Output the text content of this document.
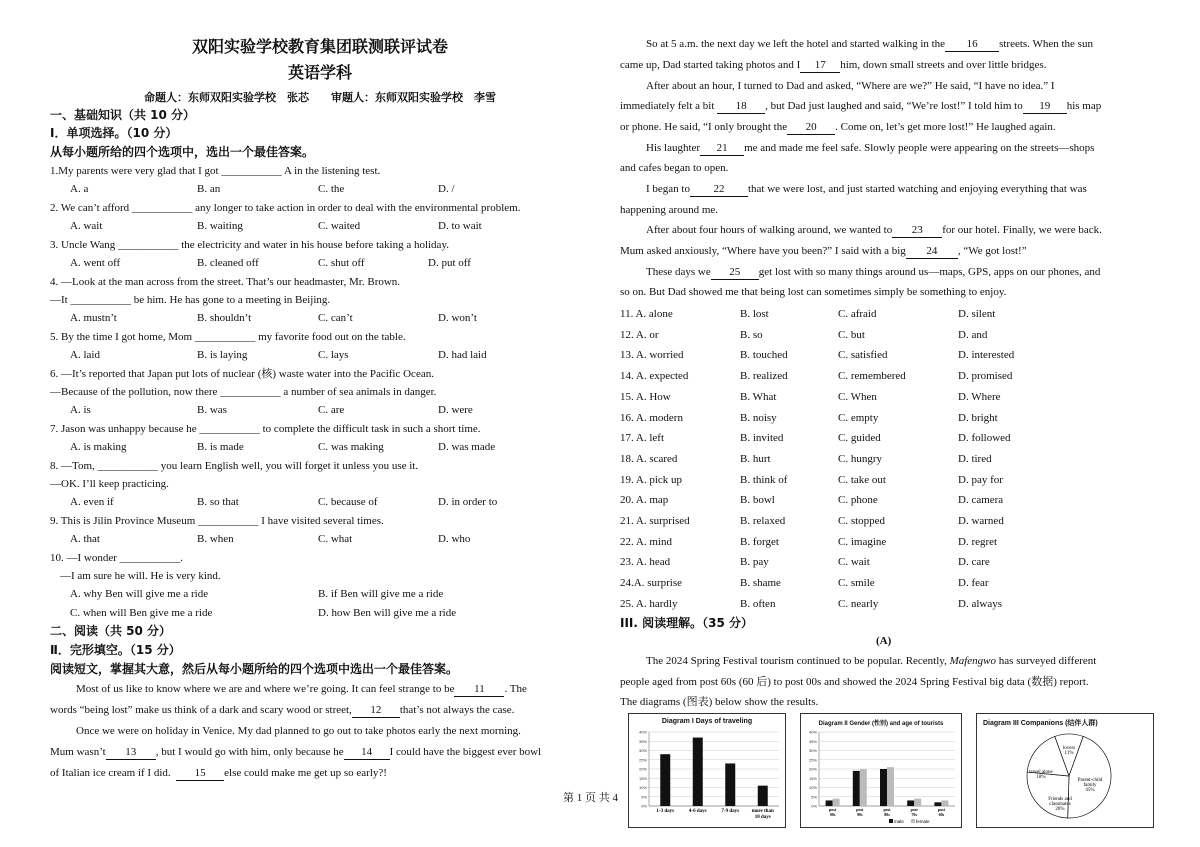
双阳实验学校教育集团联测联评试卷
英语学科
命题人：东师双阳实验学校　张芯　　审题人：东师双阳实验学校　李雪
一、基础知识（共 10 分）
Ⅰ．单项选择。（10 分）
从每小题所给的四个选项中，选出一个最佳答案。
1.My parents were very glad that I got ___________ A in the listening test.
A. a	B. an	C. the	D. /
2. We can’t afford ___________ any longer to take action in order to deal with the environmental problem.
A. wait	B. waiting	C. waited	D. to wait
3. Uncle Wang ___________ the electricity and water in his house before taking a holiday.
A. went off	B. cleaned off	C. shut off	D. put off
4. —Look at the man across from the street. That’s our headmaster, Mr. Brown.
—It ___________ be him. He has gone to a meeting in Beijing.
A. mustn’t	B. shouldn’t	C. can’t	D. won’t
5. By the time I got home, Mom ___________ my favorite food out on the table.
A. laid	B. is laying	C. lays	D. had laid
6. —It’s reported that Japan put lots of nuclear (核) waste water into the Pacific Ocean.
—Because of the pollution, now there ___________ a number of sea animals in danger.
A. is	B. was	C. are	D. were
7. Jason was unhappy because he ___________ to complete the difficult task in such a short time.
A. is making	B. is made	C. was making	D. was made
8. —Tom, ___________ you learn English well, you will forget it unless you use it.
—OK. I’ll keep practicing.
A. even if	B. so that	C. because of	D. in order to
9. This is Jilin Province Museum ___________ I have visited several times.
A. that	B. when	C. what	D. who
10. —I wonder ___________.
—I am sure he will. He is very kind.
A. why Ben will give me a ride	B. if Ben will give me a ride
C. when will Ben give me a ride	D. how Ben will give me a ride
二、阅读（共 50 分）
Ⅱ．完形填空。（15 分）
阅读短文，掌握其大意，然后从每小题所给的四个选项中选出一个最佳答案。
Most of us like to know where we are and where we’re going. It can feel strange to be 11 . The
words “being lost” make us think of a dark and scary wood or street, 12 that’s not always the case.
Once we were on holiday in Venice. My dad planned to go out to take photos early the next morning.
Mum wasn’t 13 , but I would go with him, only because he 14 I could have the biggest ever bowl
of Italian ice cream if I did. 15 else could make me get up so early?!
第 1 页 共 4
So at 5 a.m. the next day we left the hotel and started walking in the 16 streets. When the sun
came up, Dad started taking photos and I 17 him, down small streets and over little bridges.
After about an hour, I turned to Dad and asked, “Where are we?” He said, “I have no idea.” I
immediately felt a bit 18 , but Dad just laughed and said, “We’re lost!” I told him to 19 his map
or phone. He said, “I only brought the 20 . Come on, let’s get more lost!” He laughed again.
His laughter 21 me and made me feel safe. Slowly people were appearing on the streets—shops
and cafes began to open.
I began to 22 that we were lost, and just started watching and enjoying everything that was
happening around me.
After about four hours of walking around, we wanted to 23 for our hotel. Finally, we were back.
Mum asked anxiously, “Where have you been?” I said with a big 24 , “We got lost!”
These days we 25 get lost with so many things around us—maps, GPS, apps on our phones, and
so on. But Dad showed me that being lost can sometimes simply be something to enjoy.
11. A. alone	B. lost	C. afraid	D. silent
12. A. or	B. so	C. but	D. and
13. A. worried	B. touched	C. satisfied	D. interested
14. A. expected	B. realized	C. remembered	D. promised
15. A. How	B. What	C. When	D. Where
16. A. modern	B. noisy	C. empty	D. bright
17. A. left	B. invited	C. guided	D. followed
18. A. scared	B. hurt	C. hungry	D. tired
19. A. pick up	B. think of	C. take out	D. pay for
20. A. map	B. bowl	C. phone	D. camera
21. A. surprised	B. relaxed	C. stopped	D. warned
22. A. mind	B. forget	C. imagine	D. regret
23. A. head	B. pay	C. wait	D. care
24.A. surprise	B. shame	C. smile	D. fear
25. A. hardly	B. often	C. nearly	D. always
III. 阅读理解。（35 分）
(A)
The 2024 Spring Festival tourism continued to be popular. Recently, Mafengwo has surveyed different
people aged from post 60s (60 后) to post 00s and showed the 2024 Spring Festival big data (数据) report.
The diagrams (图表) below show the results.
Diagram I Days of traveling
0%
5%
10%
15%
20%
25%
30%
35%
40%
1-3 days	4-6 days	7-9 days	more than
10 days
Diagram II Gender (性别) and age of tourists
0%
5%
10%
15%
20%
25%
30%
35%
40%
post
00s
post
90s
post
80s
post
70s
post
60s
male	female
Diagram III Companions (结伴人群)
lovers
11%
Parent-child
family
45%
Friends and
classmates
26%
travel alone
18%
